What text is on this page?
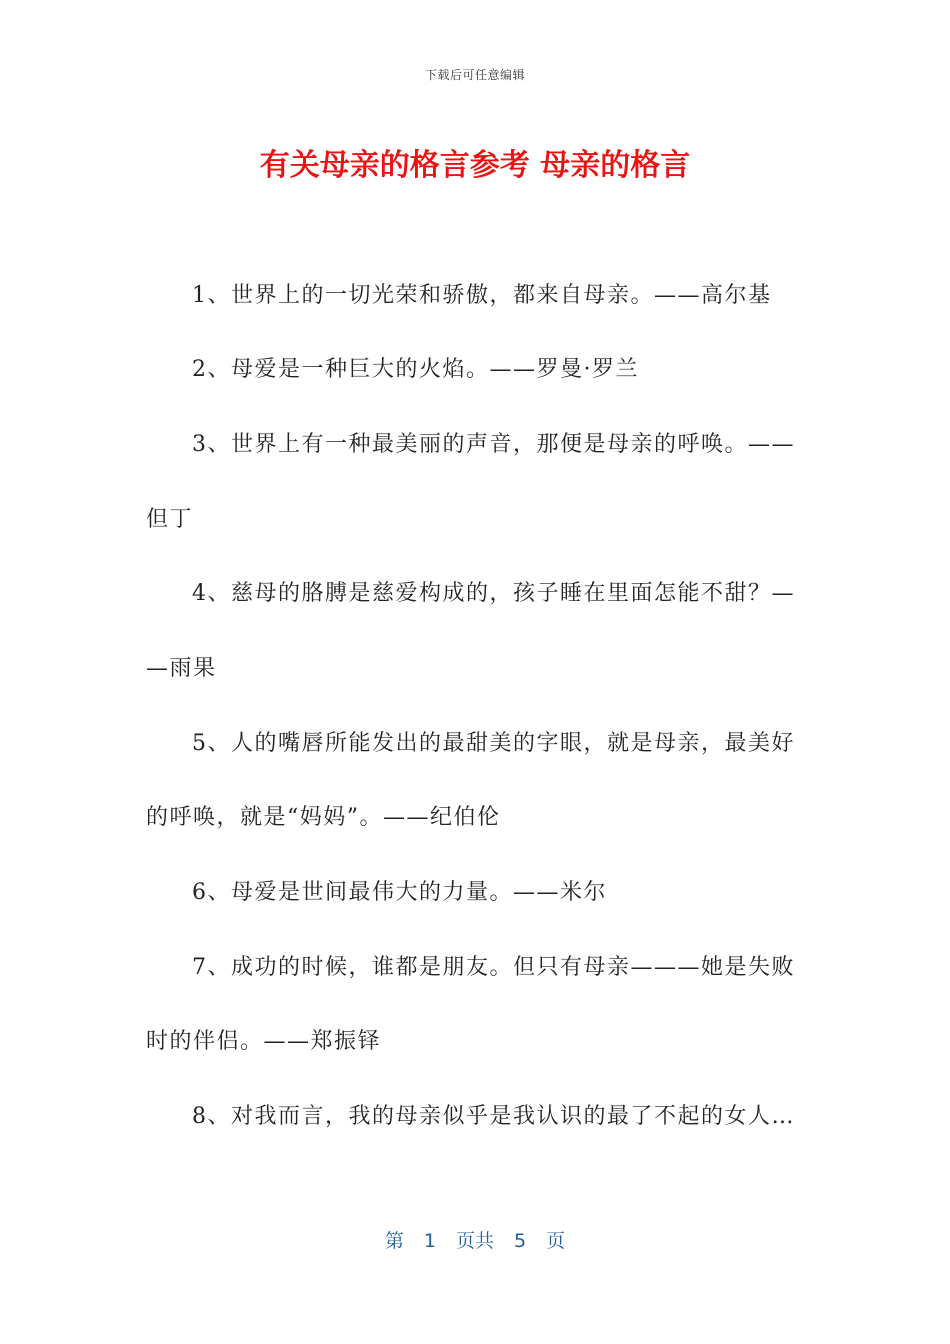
下载后可任意编辑
有关母亲的格言参考 母亲的格言
1、世界上的一切光荣和骄傲，都来自母亲。——高尔基
2、母爱是一种巨大的火焰。——罗曼·罗兰
3、世界上有一种最美丽的声音，那便是母亲的呼唤。——
但丁
4、慈母的胳膊是慈爱构成的，孩子睡在里面怎能不甜？—
—雨果
5、人的嘴唇所能发出的最甜美的字眼，就是母亲，最美好
的呼唤，就是“妈妈”。——纪伯伦
6、母爱是世间最伟大的力量。——米尔
7、成功的时候，谁都是朋友。但只有母亲———她是失败
时的伴侣。——郑振铎
8、对我而言，我的母亲似乎是我认识的最了不起的女人…
第 1 页共 5 页
